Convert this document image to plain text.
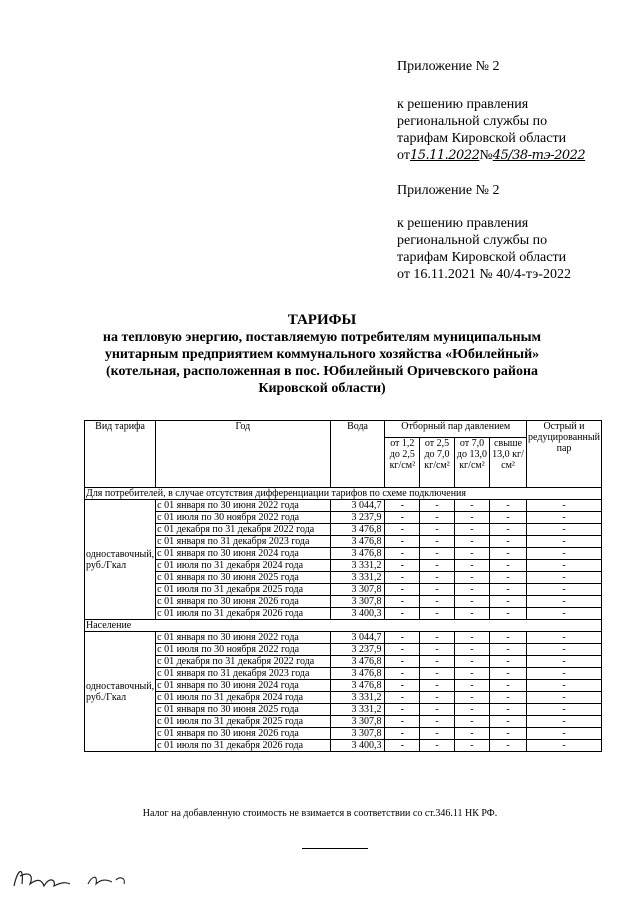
Приложение № 2
к решению правления
региональной службы по
тарифам Кировской области
от15.11.2022№45/38-тэ-2022
Приложение № 2
к решению правления
региональной службы по
тарифам Кировской области
от 16.11.2021 № 40/4-тэ-2022
ТАРИФЫ
на тепловую энергию, поставляемую потребителям муниципальным
унитарным предприятием коммунального хозяйства «Юбилейный»
(котельная, расположенная в пос. Юбилейный Оричевского района
Кировской области)
Вид тарифа	Год	Вода	Отборный пар давлением				Острый и редуцированный пар
			от 1,2 до 2,5 кг/см²	от 2,5 до 7,0 кг/см²	от 7,0 до 13,0 кг/см²	свыше 13,0 кг/см²	
Для потребителей, в случае отсутствия дифференциации тарифов по схеме подключения							
одноставочный, руб./Гкал	с 01 января по 30 июня 2022 года	3 044,7	-	-	-	-	-
	с 01 июля по 30 ноября 2022 года	3 237,9	-	-	-	-	-
	с 01 декабря по 31 декабря 2022 года	3 476,8	-	-	-	-	-
	с 01 января по 31 декабря 2023 года	3 476,8	-	-	-	-	-
	с 01 января по 30 июня 2024 года	3 476,8	-	-	-	-	-
	с 01 июля по 31 декабря 2024 года	3 331,2	-	-	-	-	-
	с 01 января по 30 июня 2025 года	3 331,2	-	-	-	-	-
	с 01 июля по 31 декабря 2025 года	3 307,8	-	-	-	-	-
	с 01 января по 30 июня 2026 года	3 307,8	-	-	-	-	-
	с 01 июля по 31 декабря 2026 года	3 400,3	-	-	-	-	-
Население							
одноставочный, руб./Гкал	с 01 января по 30 июня 2022 года	3 044,7	-	-	-	-	-
	с 01 июля по 30 ноября 2022 года	3 237,9	-	-	-	-	-
	с 01 декабря по 31 декабря 2022 года	3 476,8	-	-	-	-	-
	с 01 января по 31 декабря 2023 года	3 476,8	-	-	-	-	-
	с 01 января по 30 июня 2024 года	3 476,8	-	-	-	-	-
	с 01 июля по 31 декабря 2024 года	3 331,2	-	-	-	-	-
	с 01 января по 30 июня 2025 года	3 331,2	-	-	-	-	-
	с 01 июля по 31 декабря 2025 года	3 307,8	-	-	-	-	-
	с 01 января по 30 июня 2026 года	3 307,8	-	-	-	-	-
	с 01 июля по 31 декабря 2026 года	3 400,3	-	-	-	-	-
Налог на добавленную стоимость не взимается в соответствии со ст.346.11 НК РФ.
